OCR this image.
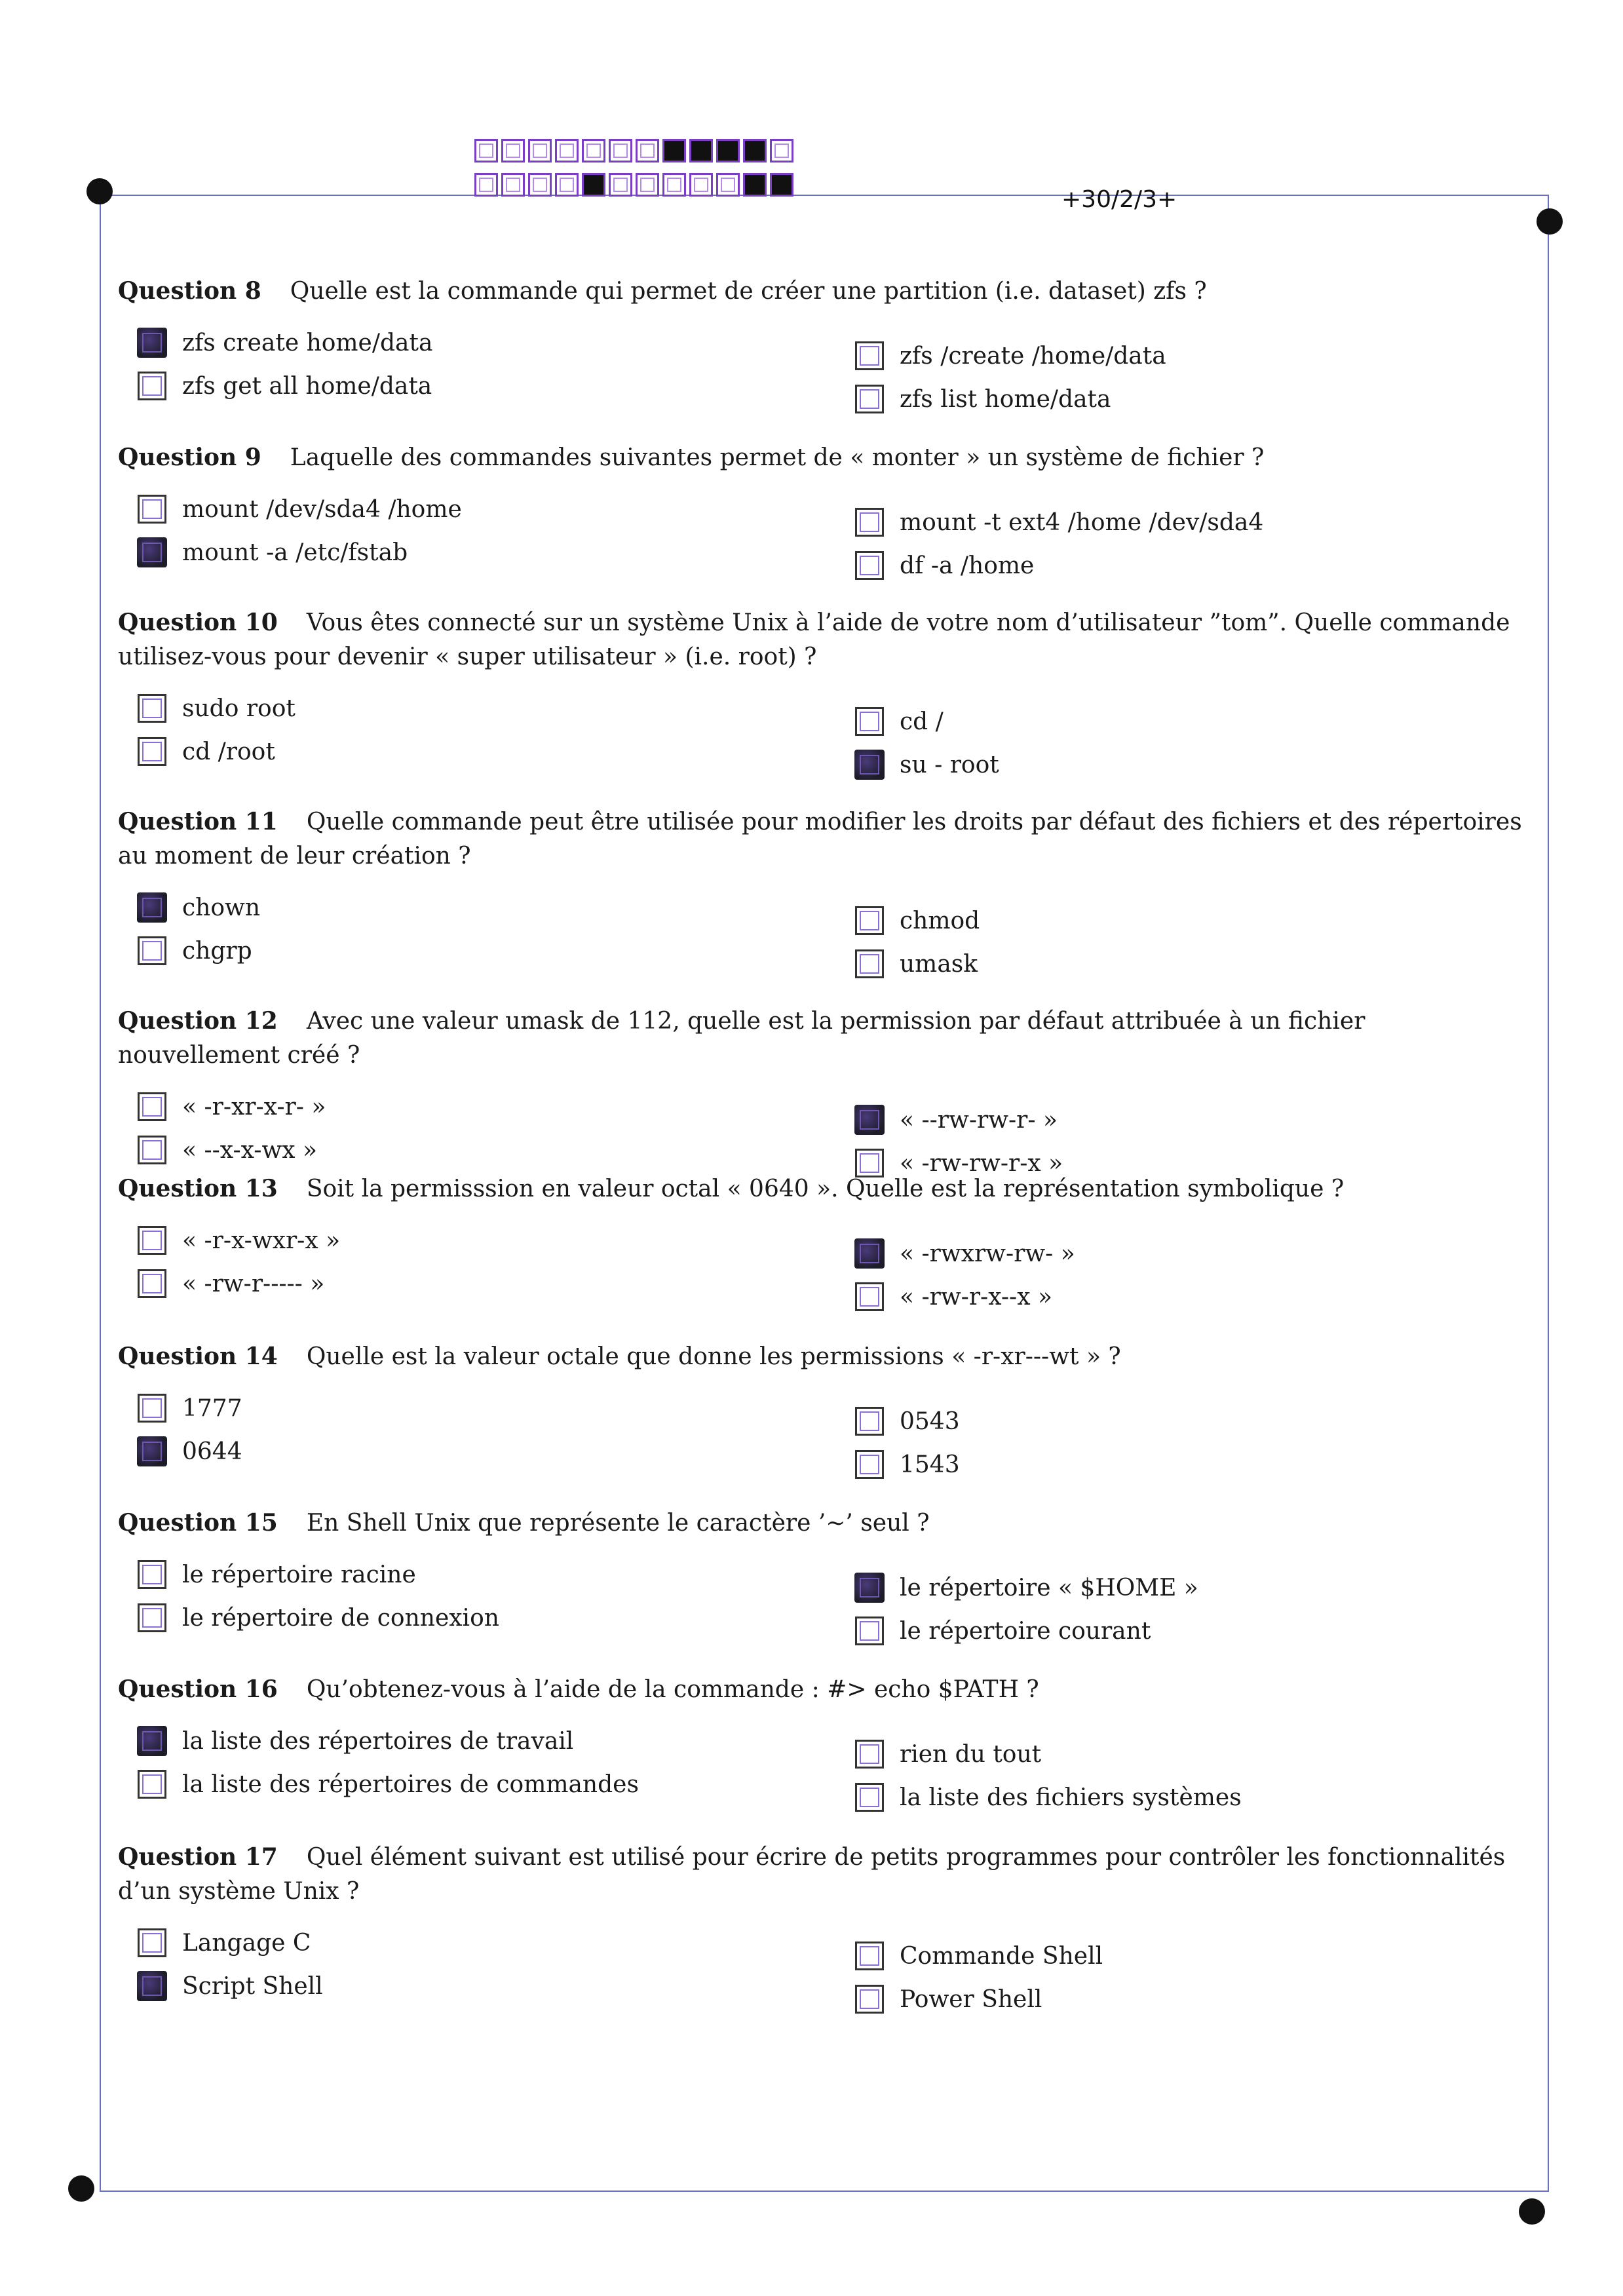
+30/2/3+

Question 8 Quelle est la commande qui permet de créer une partition (i.e. dataset) zfs ?

zfs create home/data
zfs get all home/data
zfs /create /home/data
zfs list home/data

Question 9 Laquelle des commandes suivantes permet de « monter » un système de fichier ?

mount /dev/sda4 /home
mount -a /etc/fstab
mount -t ext4 /home /dev/sda4
df -a /home

Question 10 Vous êtes connecté sur un système Unix à l’aide de votre nom d’utilisateur ”tom”. Quelle commande utilisez-vous pour devenir « super utilisateur » (i.e. root) ?

sudo root
cd /root
cd /
su - root

Question 11 Quelle commande peut être utilisée pour modifier les droits par défaut des fichiers et des répertoires au moment de leur création ?

chown
chgrp
chmod
umask

Question 12 Avec une valeur umask de 112, quelle est la permission par défaut attribuée à un fichier nouvellement créé ?

« -r-xr-x-r- »
« --x-x-wx »
« --rw-rw-r- »
« -rw-rw-r-x »

Question 13 Soit la permisssion en valeur octal « 0640 ». Quelle est la représentation symbolique ?

« -r-x-wxr-x »
« -rw-r----- »
« -rwxrw-rw- »
« -rw-r-x--x »

Question 14 Quelle est la valeur octale que donne les permissions « -r-xr---wt » ?

1777
0644
0543
1543

Question 15 En Shell Unix que représente le caractère ’∼’ seul ?

le répertoire racine
le répertoire de connexion
le répertoire « $HOME »
le répertoire courant

Question 16 Qu’obtenez-vous à l’aide de la commande : #> echo $PATH ?

la liste des répertoires de travail
la liste des répertoires de commandes
rien du tout
la liste des fichiers systèmes

Question 17 Quel élément suivant est utilisé pour écrire de petits programmes pour contrôler les fonctionnalités d’un système Unix ?

Langage C
Script Shell
Commande Shell
Power Shell
